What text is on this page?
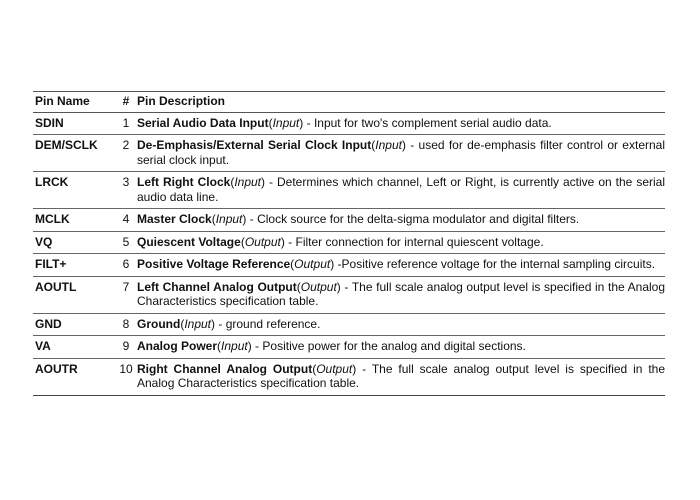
Pin Name	#	Pin Description
SDIN	1	Serial Audio Data Input(Input) - Input for two's complement serial audio data.
DEM/SCLK	2	De-Emphasis/External Serial Clock Input(Input) - used for de-emphasis filter control or external serial clock input.
LRCK	3	Left Right Clock(Input) - Determines which channel, Left or Right, is currently active on the serial audio data line.
MCLK	4	Master Clock(Input) - Clock source for the delta-sigma modulator and digital filters.
VQ	5	Quiescent Voltage(Output) - Filter connection for internal quiescent voltage.
FILT+	6	Positive Voltage Reference(Output) -Positive reference voltage for the internal sampling circuits.
AOUTL	7	Left Channel Analog Output(Output) - The full scale analog output level is specified in the Analog Characteristics specification table.
GND	8	Ground(Input) - ground reference.
VA	9	Analog Power(Input) - Positive power for the analog and digital sections.
AOUTR	10	Right Channel Analog Output(Output) - The full scale analog output level is specified in the Analog Characteristics specification table.
